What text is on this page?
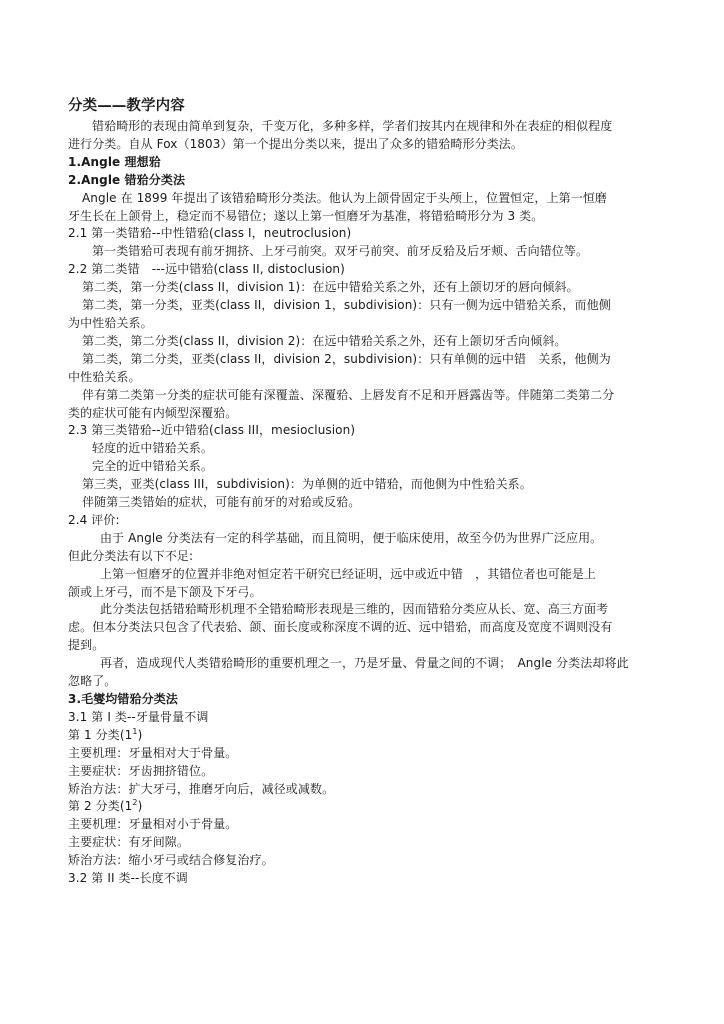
分类——教学内容
错𬌗畸形的表现由简单到复杂，千变万化，多种多样，学者们按其内在规律和外在表症的相似程度
进行分类。自从 Fox（1803）第一个提出分类以来，提出了众多的错𬌗畸形分类法。
1.Angle 理想𬌗
2.Angle 错𬌗分类法
Angle 在 1899 年提出了该错𬌗畸形分类法。他认为上颌骨固定于头颅上，位置恒定，上第一恒磨
牙生长在上颌骨上，稳定而不易错位；遂以上第一恒磨牙为基准，将错𬌗畸形分为 3 类。
2.1 第一类错𬌗--中性错𬌗(class I，neutroclusion)
第一类错𬌗可表现有前牙拥挤、上牙弓前突。双牙弓前突、前牙反𬌗及后牙颊、舌向错位等。
2.2 第二类错　---远中错𬌗(class II, distoclusion)
第二类，第一分类(class II，division 1)：在远中错𬌗关系之外，还有上颌切牙的唇向倾斜。
第二类，第一分类，亚类(class II，division 1，subdivision)：只有一侧为远中错𬌗关系，而他侧
为中性𬌗关系。
第二类，第二分类(class II，division 2)：在远中错𬌗关系之外，还有上颌切牙舌向倾斜。
第二类，第二分类，亚类(class II，division 2，subdivision)：只有单侧的远中错　关系，他侧为
中性𬌗关系。
伴有第二类第一分类的症状可能有深覆盖、深覆𬌗、上唇发育不足和开唇露齿等。伴随第二类第二分
类的症状可能有内倾型深覆𬌗。
2.3 第三类错𬌗--近中错𬌗(class III，mesioclusion)
轻度的近中错𬌗关系。
完全的近中错𬌗关系。
第三类，亚类(class III，subdivision)：为单侧的近中错𬌗，而他侧为中性𬌗关系。
伴随第三类错始的症状，可能有前牙的对𬌗或反𬌗。
2.4 评价:
由于 Angle 分类法有一定的科学基础，而且简明，便于临床使用，故至今仍为世界广泛应用。
但此分类法有以下不足:
上第一恒磨牙的位置并非绝对恒定若干研究已经证明，远中或近中错　，其错位者也可能是上
颌或上牙弓，而不是下颌及下牙弓。
此分类法包括错𬌗畸形机理不全错𬌗畸形表现是三维的，因而错𬌗分类应从长、宽、高三方面考
虑。但本分类法只包含了代表𬌗、颌、面长度或称深度不调的近、远中错𬌗，而高度及宽度不调则没有
提到。
再者，造成现代人类错𬌗畸形的重要机理之一，乃是牙量、骨量之间的不调；　Angle 分类法却将此
忽略了。
3.毛燮均错𬌗分类法
3.1 第 I 类--牙量骨量不调
第 1 分类$(1^1)$
主要机理：牙量相对大于骨量。
主要症状：牙齿拥挤错位。
矫治方法：扩大牙弓，推磨牙向后，减径或减数。
第 2 分类$(1^2)$
主要机理：牙量相对小于骨量。
主要症状：有牙间隙。
矫治方法：缩小牙弓或结合修复治疗。
3.2 第 II 类--长度不调
